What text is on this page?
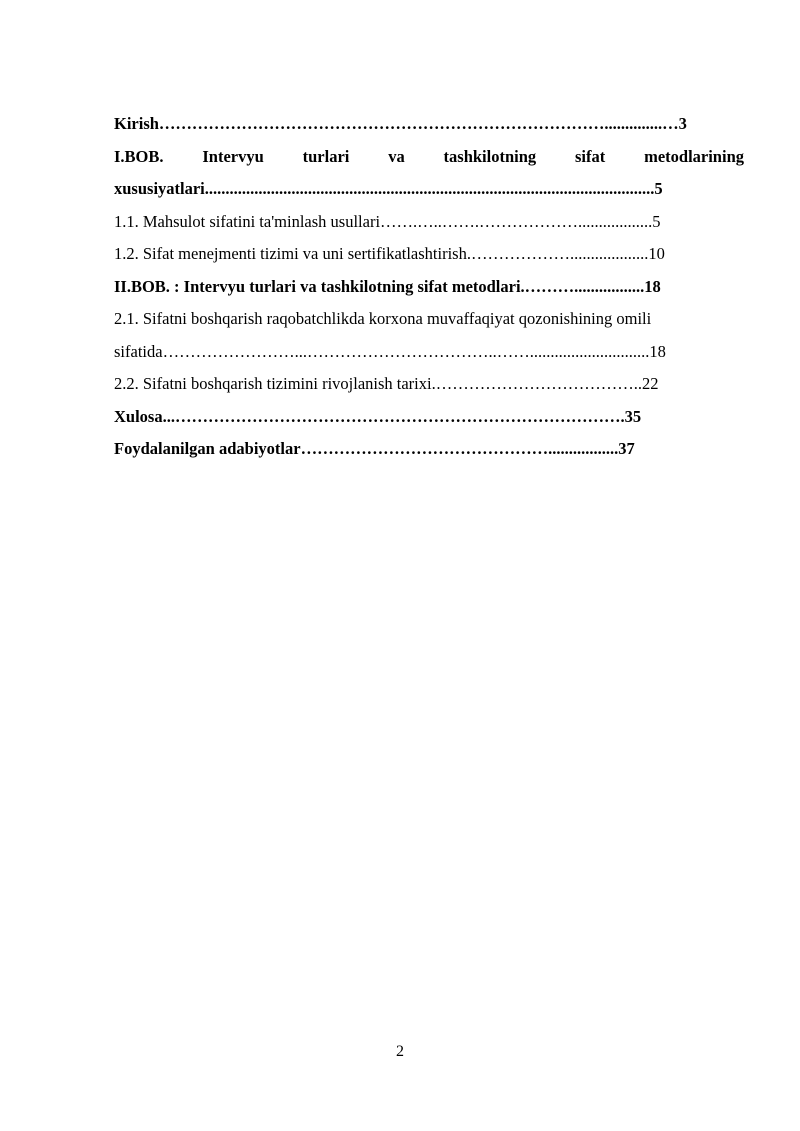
Kirish………………………………………………………………………..............…3

I.BOB. Intervyu turlari va tashkilotning sifat metodlarining

xususiyatlari.............................................................................................................5

1.1. Mahsulot sifatini ta'minlash usullari…….…..…….………………..................5

1.2. Sifat menejmenti tizimi va uni sertifikatlashtirish.………………...................10

II.BOB. : Intervyu turlari va tashkilotning sifat metodlari.……….................18

2.1. Sifatni boshqarish raqobatchlikda korxona muvaffaqiyat qozonishining omili

sifatida……………………...……………………………..…….............................18

2.2. Sifatni boshqarish tizimini rivojlanish tarixi.………………………………..22

Xulosa...……………………………………………………………………….35

Foydalanilgan adabiyotlar……………………………………….................37

2
